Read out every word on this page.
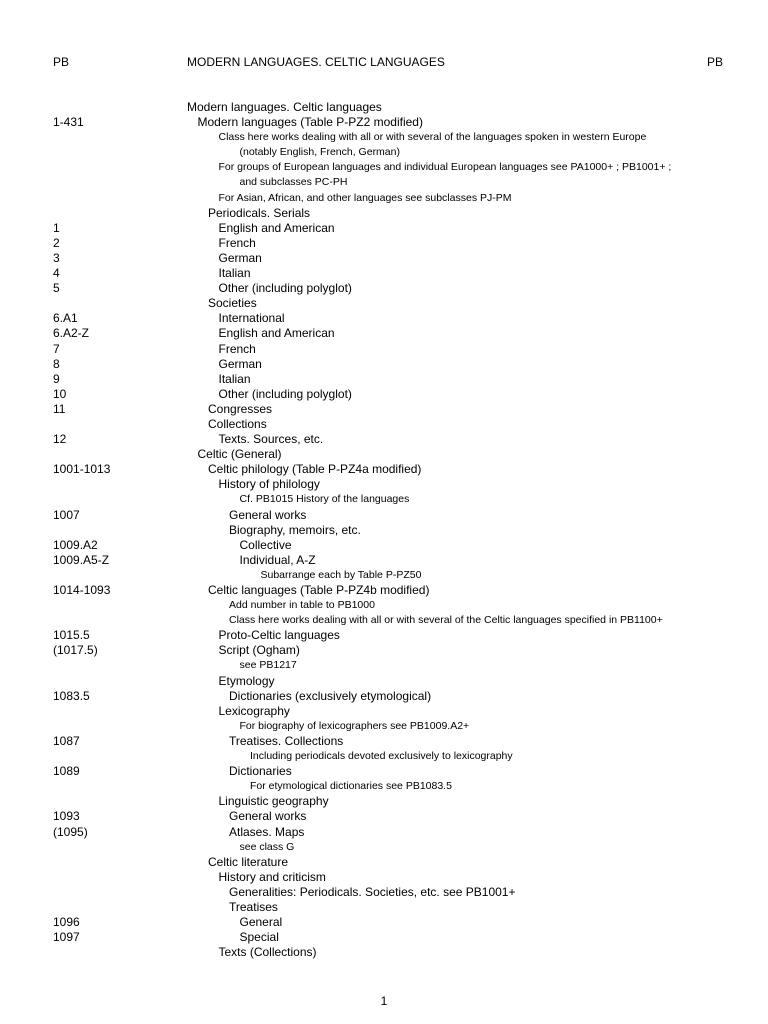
PB	MODERN LANGUAGES. CELTIC LANGUAGES	PB
Modern languages. Celtic languages
1-431	Modern languages (Table P-PZ2 modified)
Class here works dealing with all or with several of the languages spoken in western Europe
(notably English, French, German)
For groups of European languages and individual European languages see PA1000+ ; PB1001+ ;
and subclasses PC-PH
For Asian, African, and other languages see subclasses PJ-PM
Periodicals. Serials
1	English and American
2	French
3	German
4	Italian
5	Other (including polyglot)
Societies
6.A1	International
6.A2-Z	English and American
7	French
8	German
9	Italian
10	Other (including polyglot)
11	Congresses
Collections
12	Texts. Sources, etc.
Celtic (General)
1001-1013	Celtic philology (Table P-PZ4a modified)
History of philology
Cf. PB1015 History of the languages
1007	General works
Biography, memoirs, etc.
1009.A2	Collective
1009.A5-Z	Individual, A-Z
Subarrange each by Table P-PZ50
1014-1093	Celtic languages (Table P-PZ4b modified)
Add number in table to PB1000
Class here works dealing with all or with several of the Celtic languages specified in PB1100+
1015.5	Proto-Celtic languages
(1017.5)	Script (Ogham)
see PB1217
Etymology
1083.5	Dictionaries (exclusively etymological)
Lexicography
For biography of lexicographers see PB1009.A2+
1087	Treatises. Collections
Including periodicals devoted exclusively to lexicography
1089	Dictionaries
For etymological dictionaries see PB1083.5
Linguistic geography
1093	General works
(1095)	Atlases. Maps
see class G
Celtic literature
History and criticism
Generalities: Periodicals. Societies, etc. see PB1001+
Treatises
1096	General
1097	Special
Texts (Collections)
1
